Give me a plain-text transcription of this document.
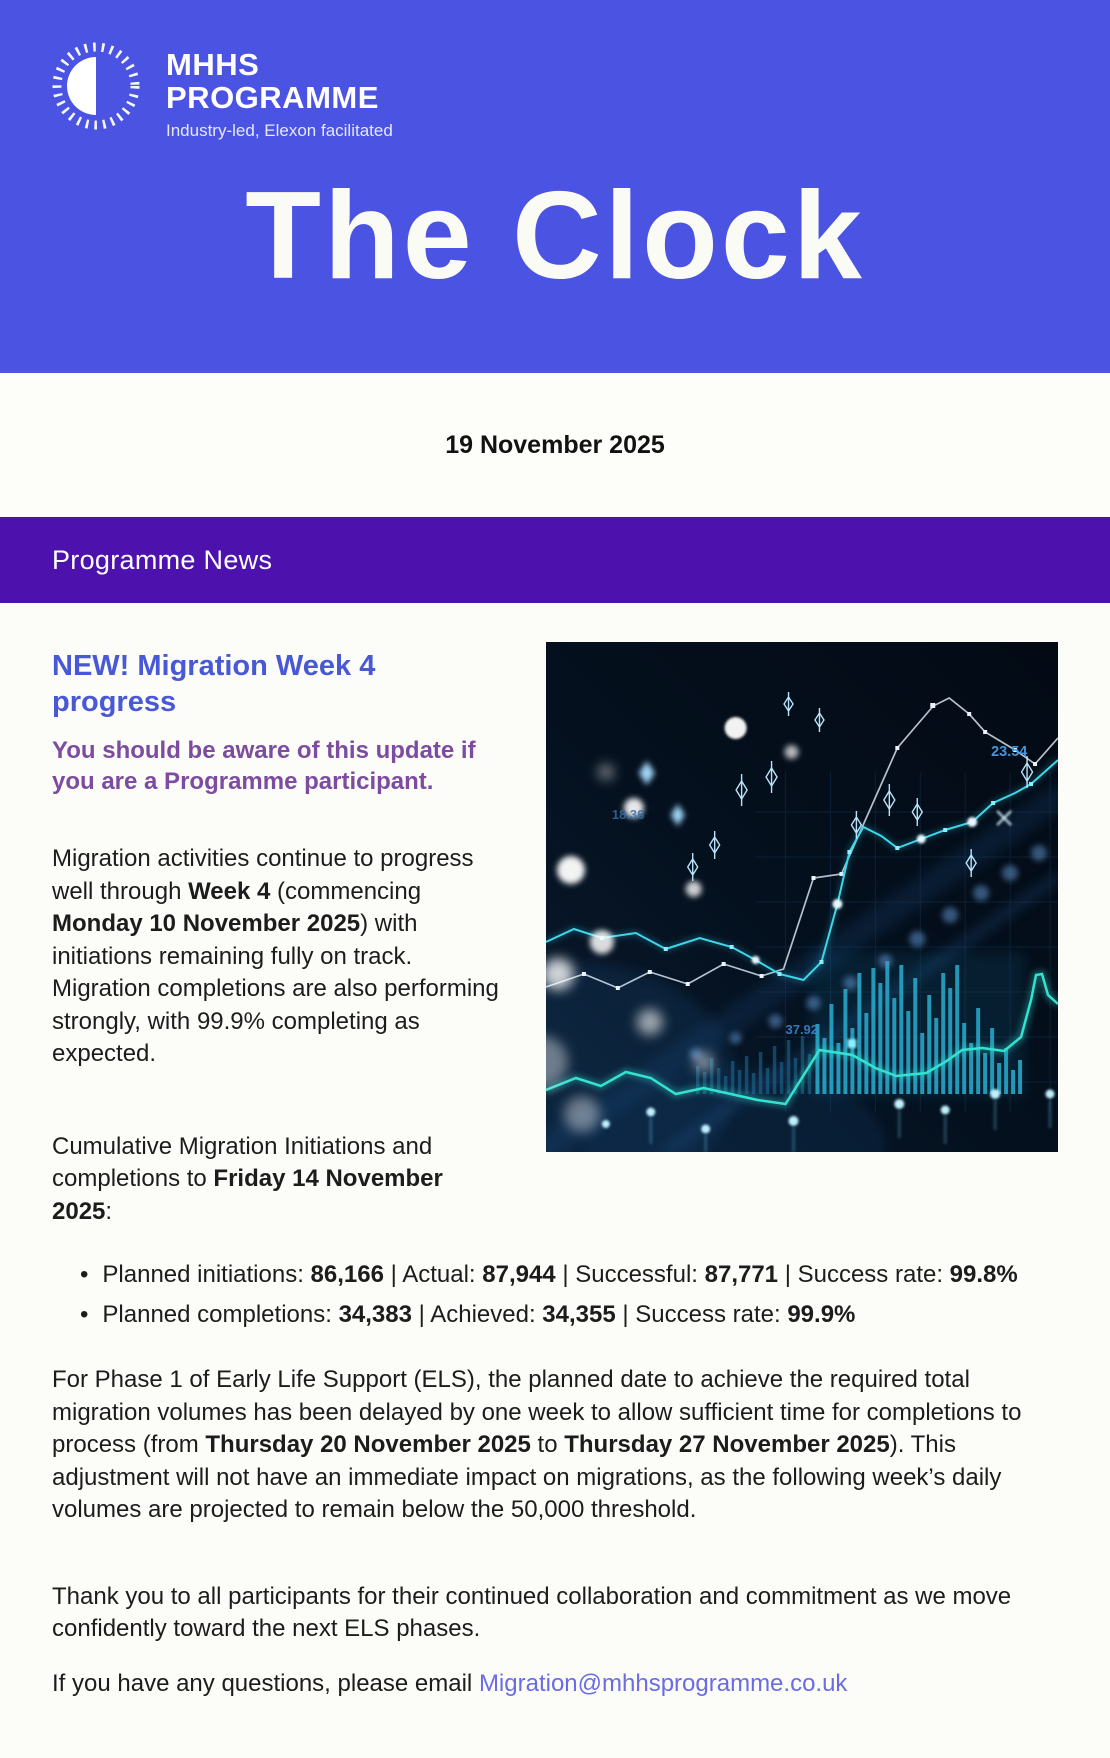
MHHS
PROGRAMME
Industry-led, Elexon facilitated
The Clock
19 November 2025
Programme News
NEW! Migration Week 4 progress
You should be aware of this update if you are a Programme participant.

Migration activities continue to progress well through Week 4 (commencing Monday 10 November 2025) with initiations remaining fully on track. Migration completions are also performing strongly, with 99.9% completing as expected.

Cumulative Migration Initiations and completions to Friday 14 November 2025:

18.36
37.92
23.54
• Planned initiations: 86,166 | Actual: 87,944 | Successful: 87,771 | Success rate: 99.8%
• Planned completions: 34,383 | Achieved: 34,355 | Success rate: 99.9%

For Phase 1 of Early Life Support (ELS), the planned date to achieve the required total migration volumes has been delayed by one week to allow sufficient time for completions to process (from Thursday 20 November 2025 to Thursday 27 November 2025). This adjustment will not have an immediate impact on migrations, as the following week’s daily volumes are projected to remain below the 50,000 threshold.

Thank you to all participants for their continued collaboration and commitment as we move confidently toward the next ELS phases.

If you have any questions, please email Migration@mhhsprogramme.co.uk
